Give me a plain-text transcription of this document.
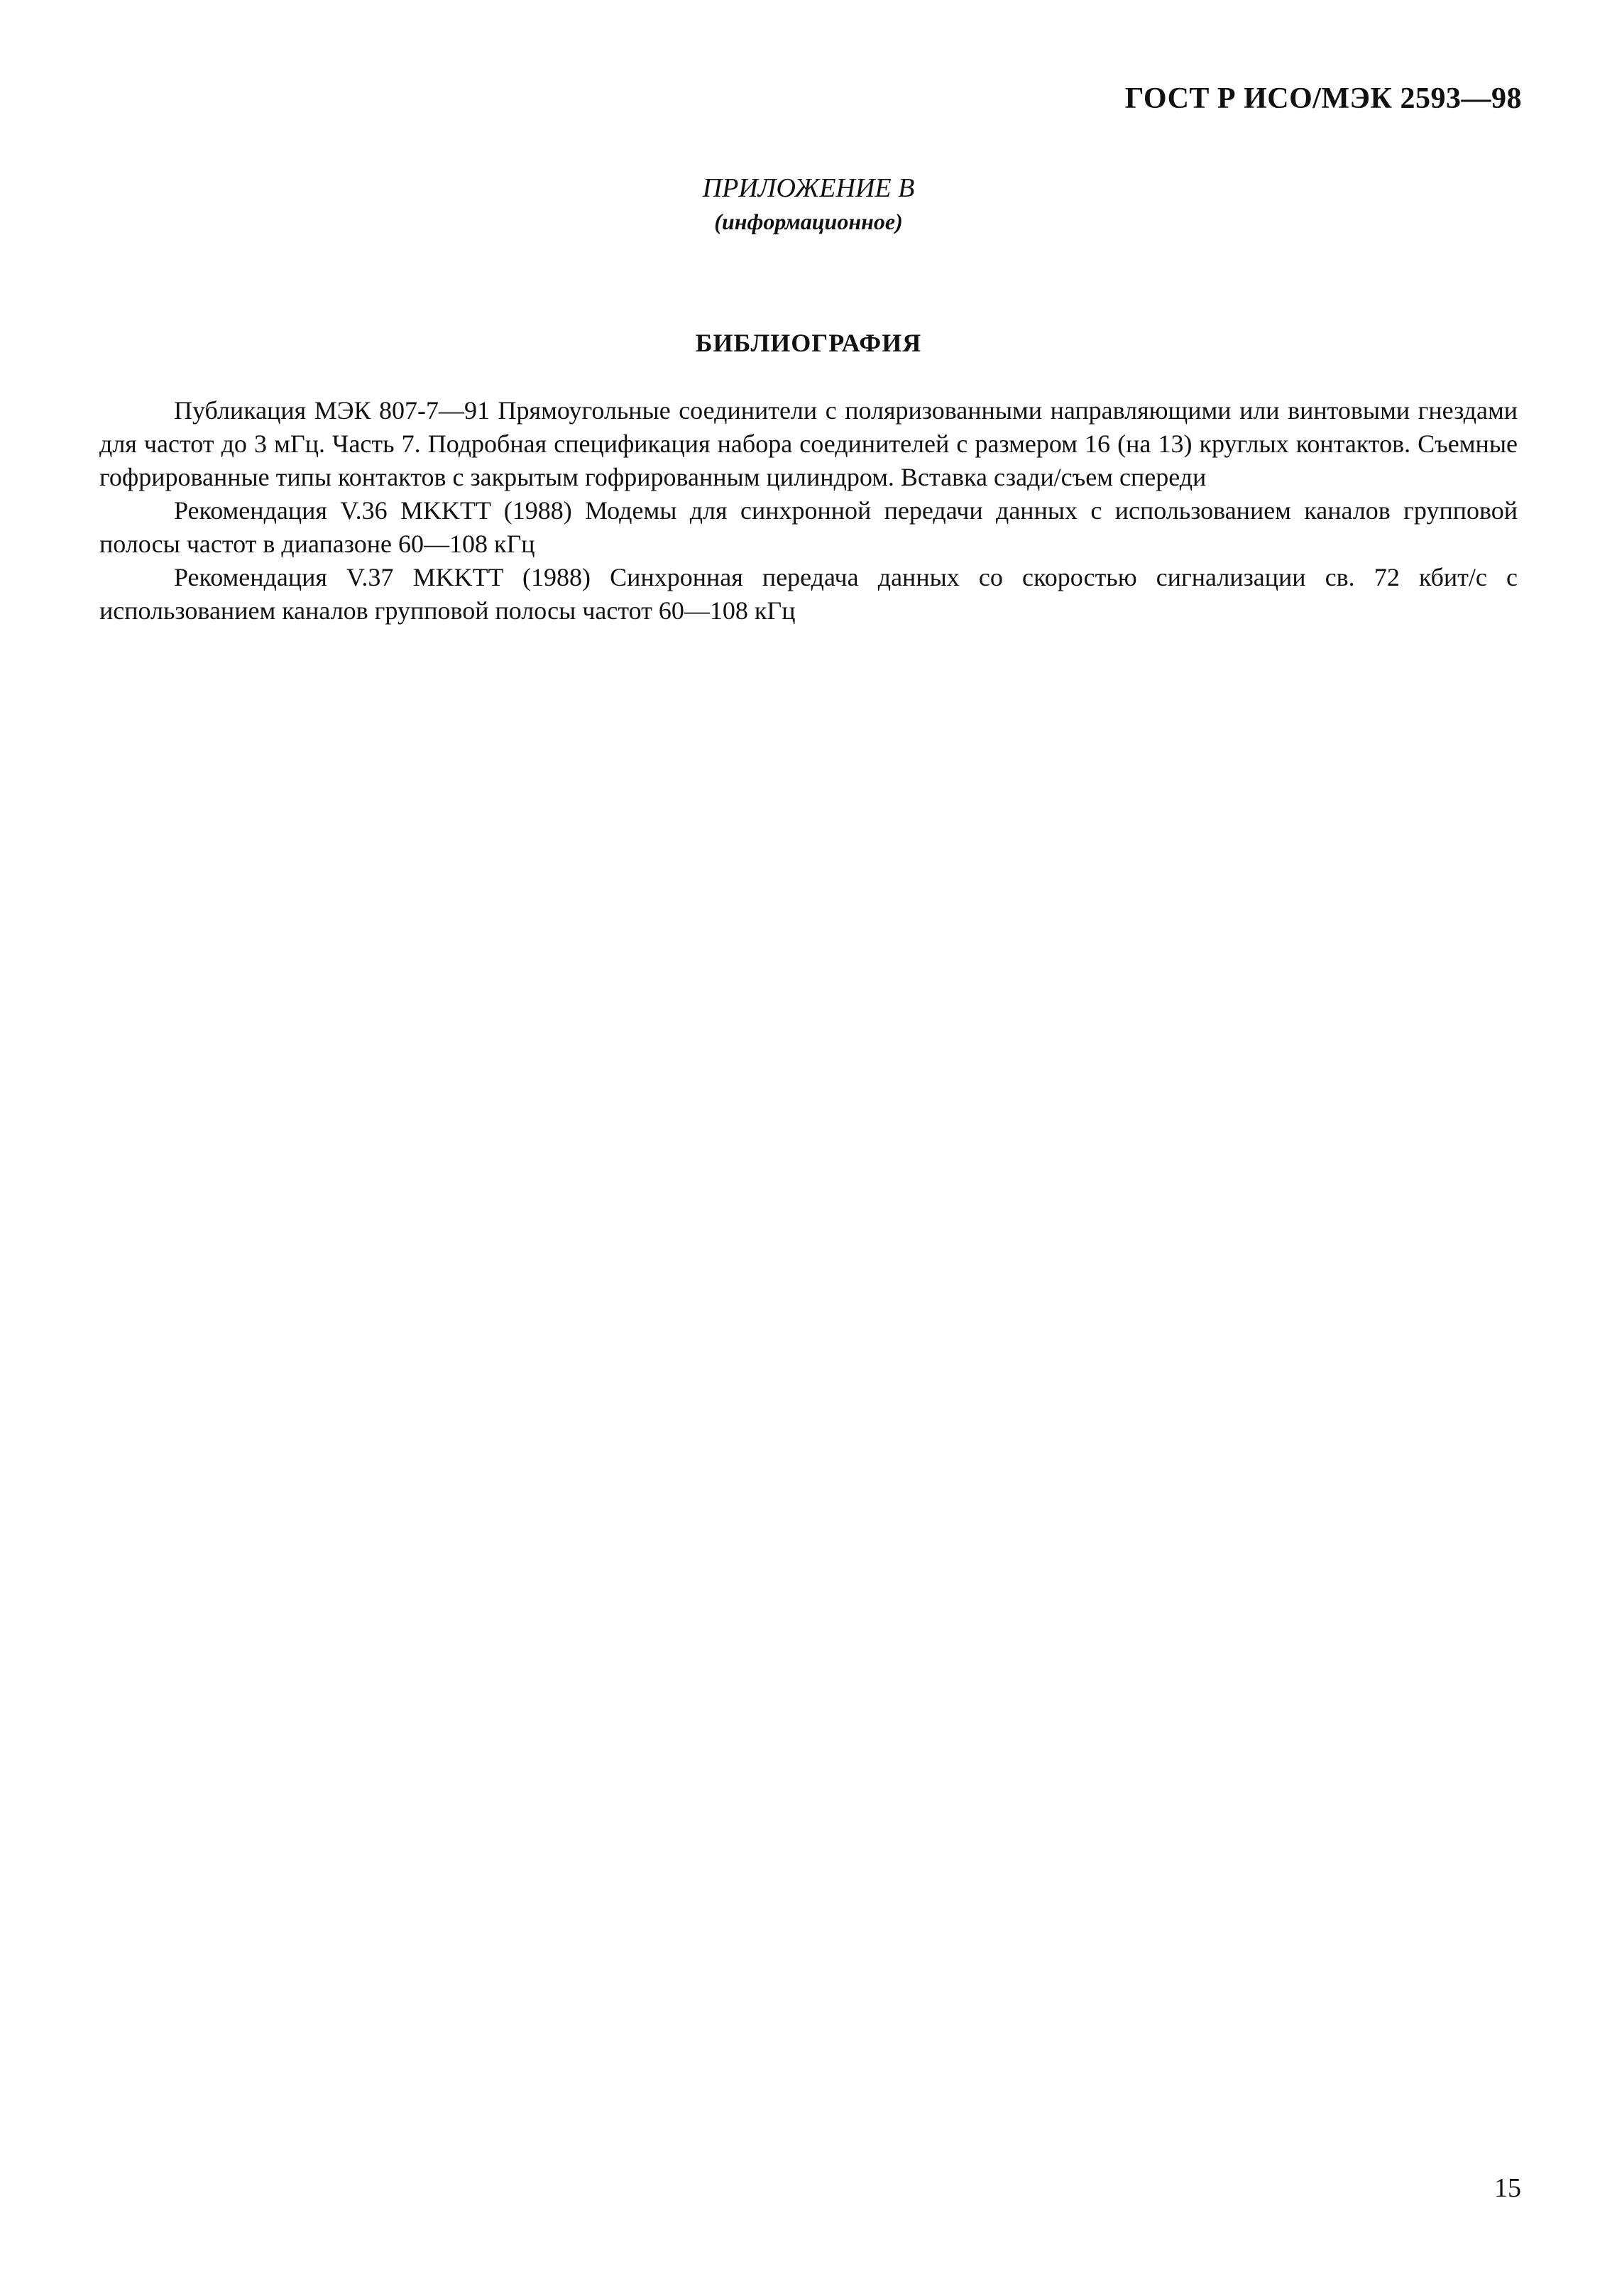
ГОСТ Р ИСО/МЭК 2593—98
ПРИЛОЖЕНИЕ В
(информационное)
БИБЛИОГРАФИЯ
Публикация МЭК 807-7—91 Прямоугольные соединители с поляризованными направляющими или винтовыми гнездами для частот до 3 мГц. Часть 7. Подробная спецификация набора соединителей с размером 16 (на 13) круглых контактов. Съемные гофрированные типы контактов с закрытым гофрированным цилиндром. Вставка сзади/съем спереди
Рекомендация V.36 MKKTT (1988) Модемы для синхронной передачи данных с использованием каналов групповой полосы частот в диапазоне 60—108 кГц
Рекомендация V.37 MKKTT (1988) Синхронная передача данных со скоростью сигнализации св. 72 кбит/с с использованием каналов групповой полосы частот 60—108 кГц

15
